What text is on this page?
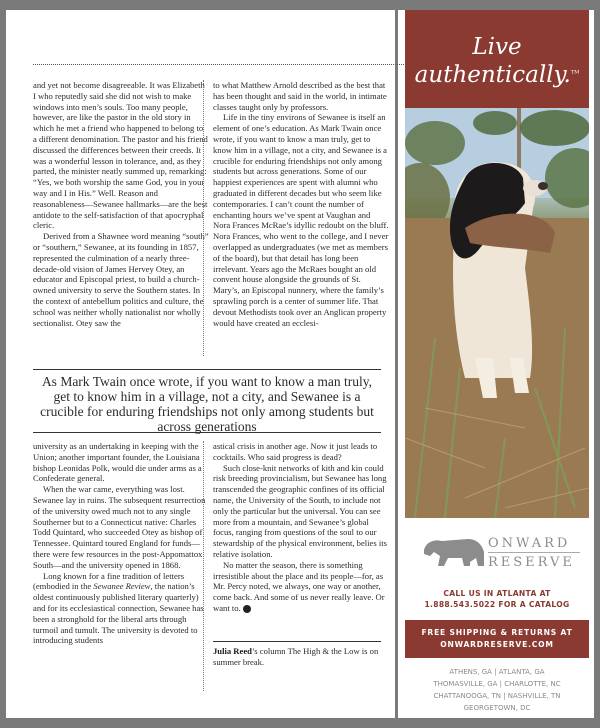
and yet not become disagreeable. It was Elizabeth I who reputedly said she did not wish to make windows into men’s souls. Too many people, however, are like the pastor in the old story in which he met a friend who happened to belong to a different denomination. The pastor and his friend discussed the differences between their creeds. It was a wonderful lesson in tolerance, and, as they parted, the minister neatly summed up, remarking: “Yes, we both worship the same God, you in your way and I in His.” Well. Reason and reasonableness—Sewanee hallmarks—are the best antidote to the self-satisfaction of that apocryphal cleric.

Derived from a Shawnee word meaning “south” or “southern,” Sewanee, at its founding in 1857, represented the culmination of a nearly three-decade-old vision of James Hervey Otey, an educator and Episcopal priest, to build a church-owned university to serve the Southern states. In the context of antebellum politics and culture, the school was neither wholly nationalist nor wholly sectionalist. Otey saw the

to what Matthew Arnold described as the best that has been thought and said in the world, in intimate classes taught only by professors.

Life in the tiny environs of Sewanee is itself an element of one’s education. As Mark Twain once wrote, if you want to know a man truly, get to know him in a village, not a city, and Sewanee is a crucible for enduring friendships not only among students but across generations. Some of our happiest experiences are spent with alumni who graduated in different decades but who seem like contemporaries. I can’t count the number of enchanting hours we’ve spent at Vaughan and Nora Frances McRae’s idyllic redoubt on the bluff. Nora Frances, who went to the college, and I never overlapped as undergraduates (we met as members of the board), but that detail has long been irrelevant. Years ago the McRaes bought an old convent house alongside the grounds of St. Mary’s, an Episcopal nunnery, where the family’s sprawling porch is a center of summer life. That devout Methodists took over an Anglican property would have created an ecclesi-

As Mark Twain once wrote, if you want to know a man truly, get to know him in a village, not a city, and Sewanee is a crucible for enduring friendships not only among students but across generations

university as an undertaking in keeping with the Union; another important founder, the Louisiana bishop Leonidas Polk, would die under arms as a Confederate general.

When the war came, everything was lost. Sewanee lay in ruins. The subsequent resurrection of the university owed much not to any single Southerner but to a Connecticut native: Charles Todd Quintard, who succeeded Otey as bishop of Tennessee. Quintard toured England for funds—there were few resources in the post-Appomattox South—and the university opened in 1868.

Long known for a fine tradition of letters (embodied in the Sewanee Review, the nation’s oldest continuously published literary quarterly) and for its ecclesiastical connection, Sewanee has been a stronghold for the liberal arts through turmoil and tumult. The university is devoted to introducing students

astical crisis in another age. Now it just leads to cocktails. Who said progress is dead?

Such close-knit networks of kith and kin could risk breeding provincialism, but Sewanee has long transcended the geographic confines of its official name, the University of the South, to include not only the particular but the universal. You can see more from a mountain, and Sewanee’s global focus, ranging from questions of the soul to our stewardship of the physical environment, belies its relative isolation.

No matter the season, there is something irresistible about the place and its people—for, as Mr. Percy noted, we always, one way or another, come back. And some of us never really leave. Or want to.

Julia Reed’s column The High & the Low is on summer break.
Live
authentically.™
ONWARD
RESERVE
CALL US IN ATLANTA AT
1.888.543.5022 FOR A CATALOG
FREE SHIPPING & RETURNS AT
ONWARDRESERVE.COM
ATHENS, GA | ATLANTA, GA
THOMASVILLE, GA | CHARLOTTE, NC
CHATTANOOGA, TN | NASHVILLE, TN
GEORGETOWN, DC
